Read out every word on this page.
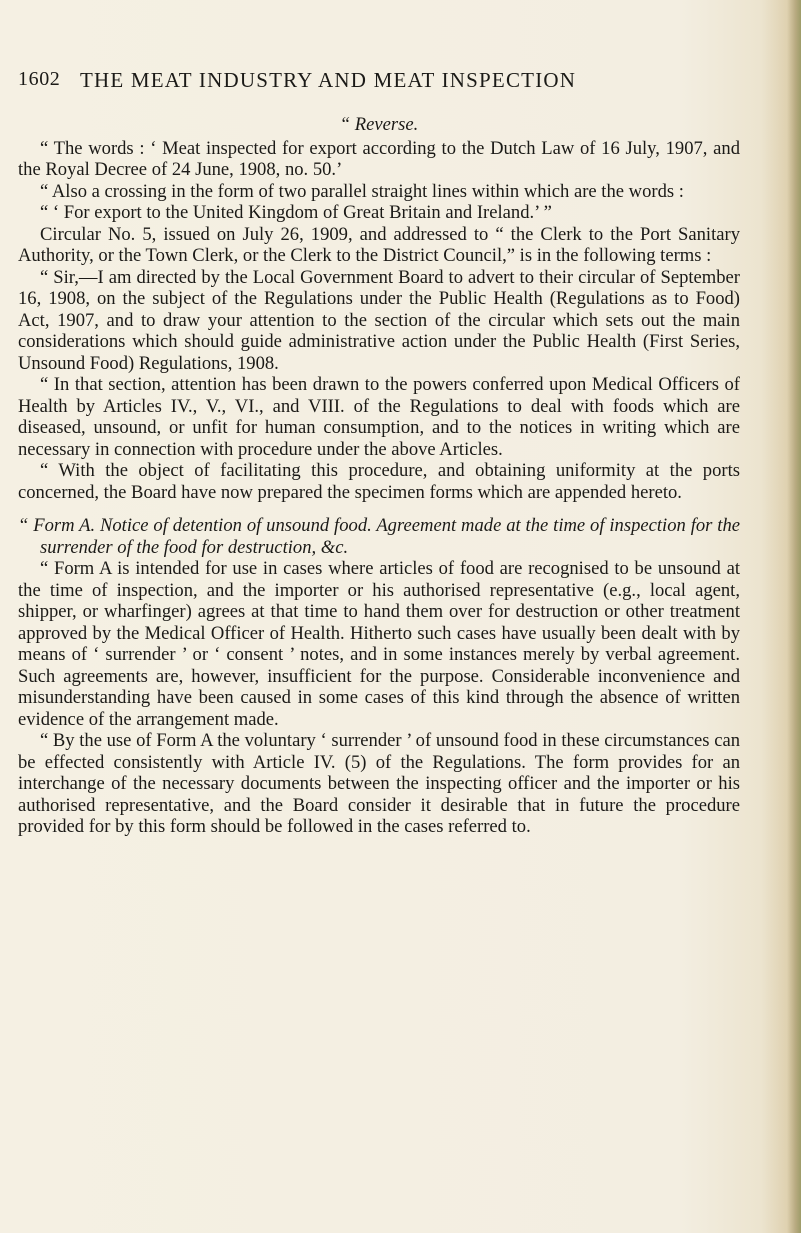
1602 THE MEAT INDUSTRY AND MEAT INSPECTION

“ Reverse.

“ The words : ‘ Meat inspected for export according to the Dutch Law of 16 July, 1907, and the Royal Decree of 24 June, 1908, no. 50.’

“ Also a crossing in the form of two parallel straight lines within which are the words :

“ ‘ For export to the United Kingdom of Great Britain and Ireland.’ ”

Circular No. 5, issued on July 26, 1909, and addressed to “ the Clerk to the Port Sanitary Authority, or the Town Clerk, or the Clerk to the District Council,” is in the following terms :

“ Sir,—I am directed by the Local Government Board to advert to their circular of September 16, 1908, on the subject of the Regulations under the Public Health (Regulations as to Food) Act, 1907, and to draw your attention to the section of the circular which sets out the main considerations which should guide administrative action under the Public Health (First Series, Unsound Food) Regulations, 1908.

“ In that section, attention has been drawn to the powers conferred upon Medical Officers of Health by Articles IV., V., VI., and VIII. of the Regulations to deal with foods which are diseased, unsound, or unfit for human consumption, and to the notices in writing which are necessary in connection with procedure under the above Articles.

“ With the object of facilitating this procedure, and obtaining uniformity at the ports concerned, the Board have now prepared the specimen forms which are appended hereto.

“ Form A. Notice of detention of unsound food. Agreement made at the time of inspection for the surrender of the food for destruction, &c.

“ Form A is intended for use in cases where articles of food are recognised to be unsound at the time of inspection, and the importer or his authorised representative (e.g., local agent, shipper, or wharfinger) agrees at that time to hand them over for destruction or other treatment approved by the Medical Officer of Health. Hitherto such cases have usually been dealt with by means of ‘ surrender ’ or ‘ consent ’ notes, and in some instances merely by verbal agreement. Such agreements are, however, insufficient for the purpose. Considerable inconvenience and misunderstanding have been caused in some cases of this kind through the absence of written evidence of the arrangement made.

“ By the use of Form A the voluntary ‘ surrender ’ of unsound food in these circumstances can be effected consistently with Article IV. (5) of the Regulations. The form provides for an interchange of the necessary documents between the inspecting officer and the importer or his authorised representative, and the Board consider it desirable that in future the procedure provided for by this form should be followed in the cases referred to.
